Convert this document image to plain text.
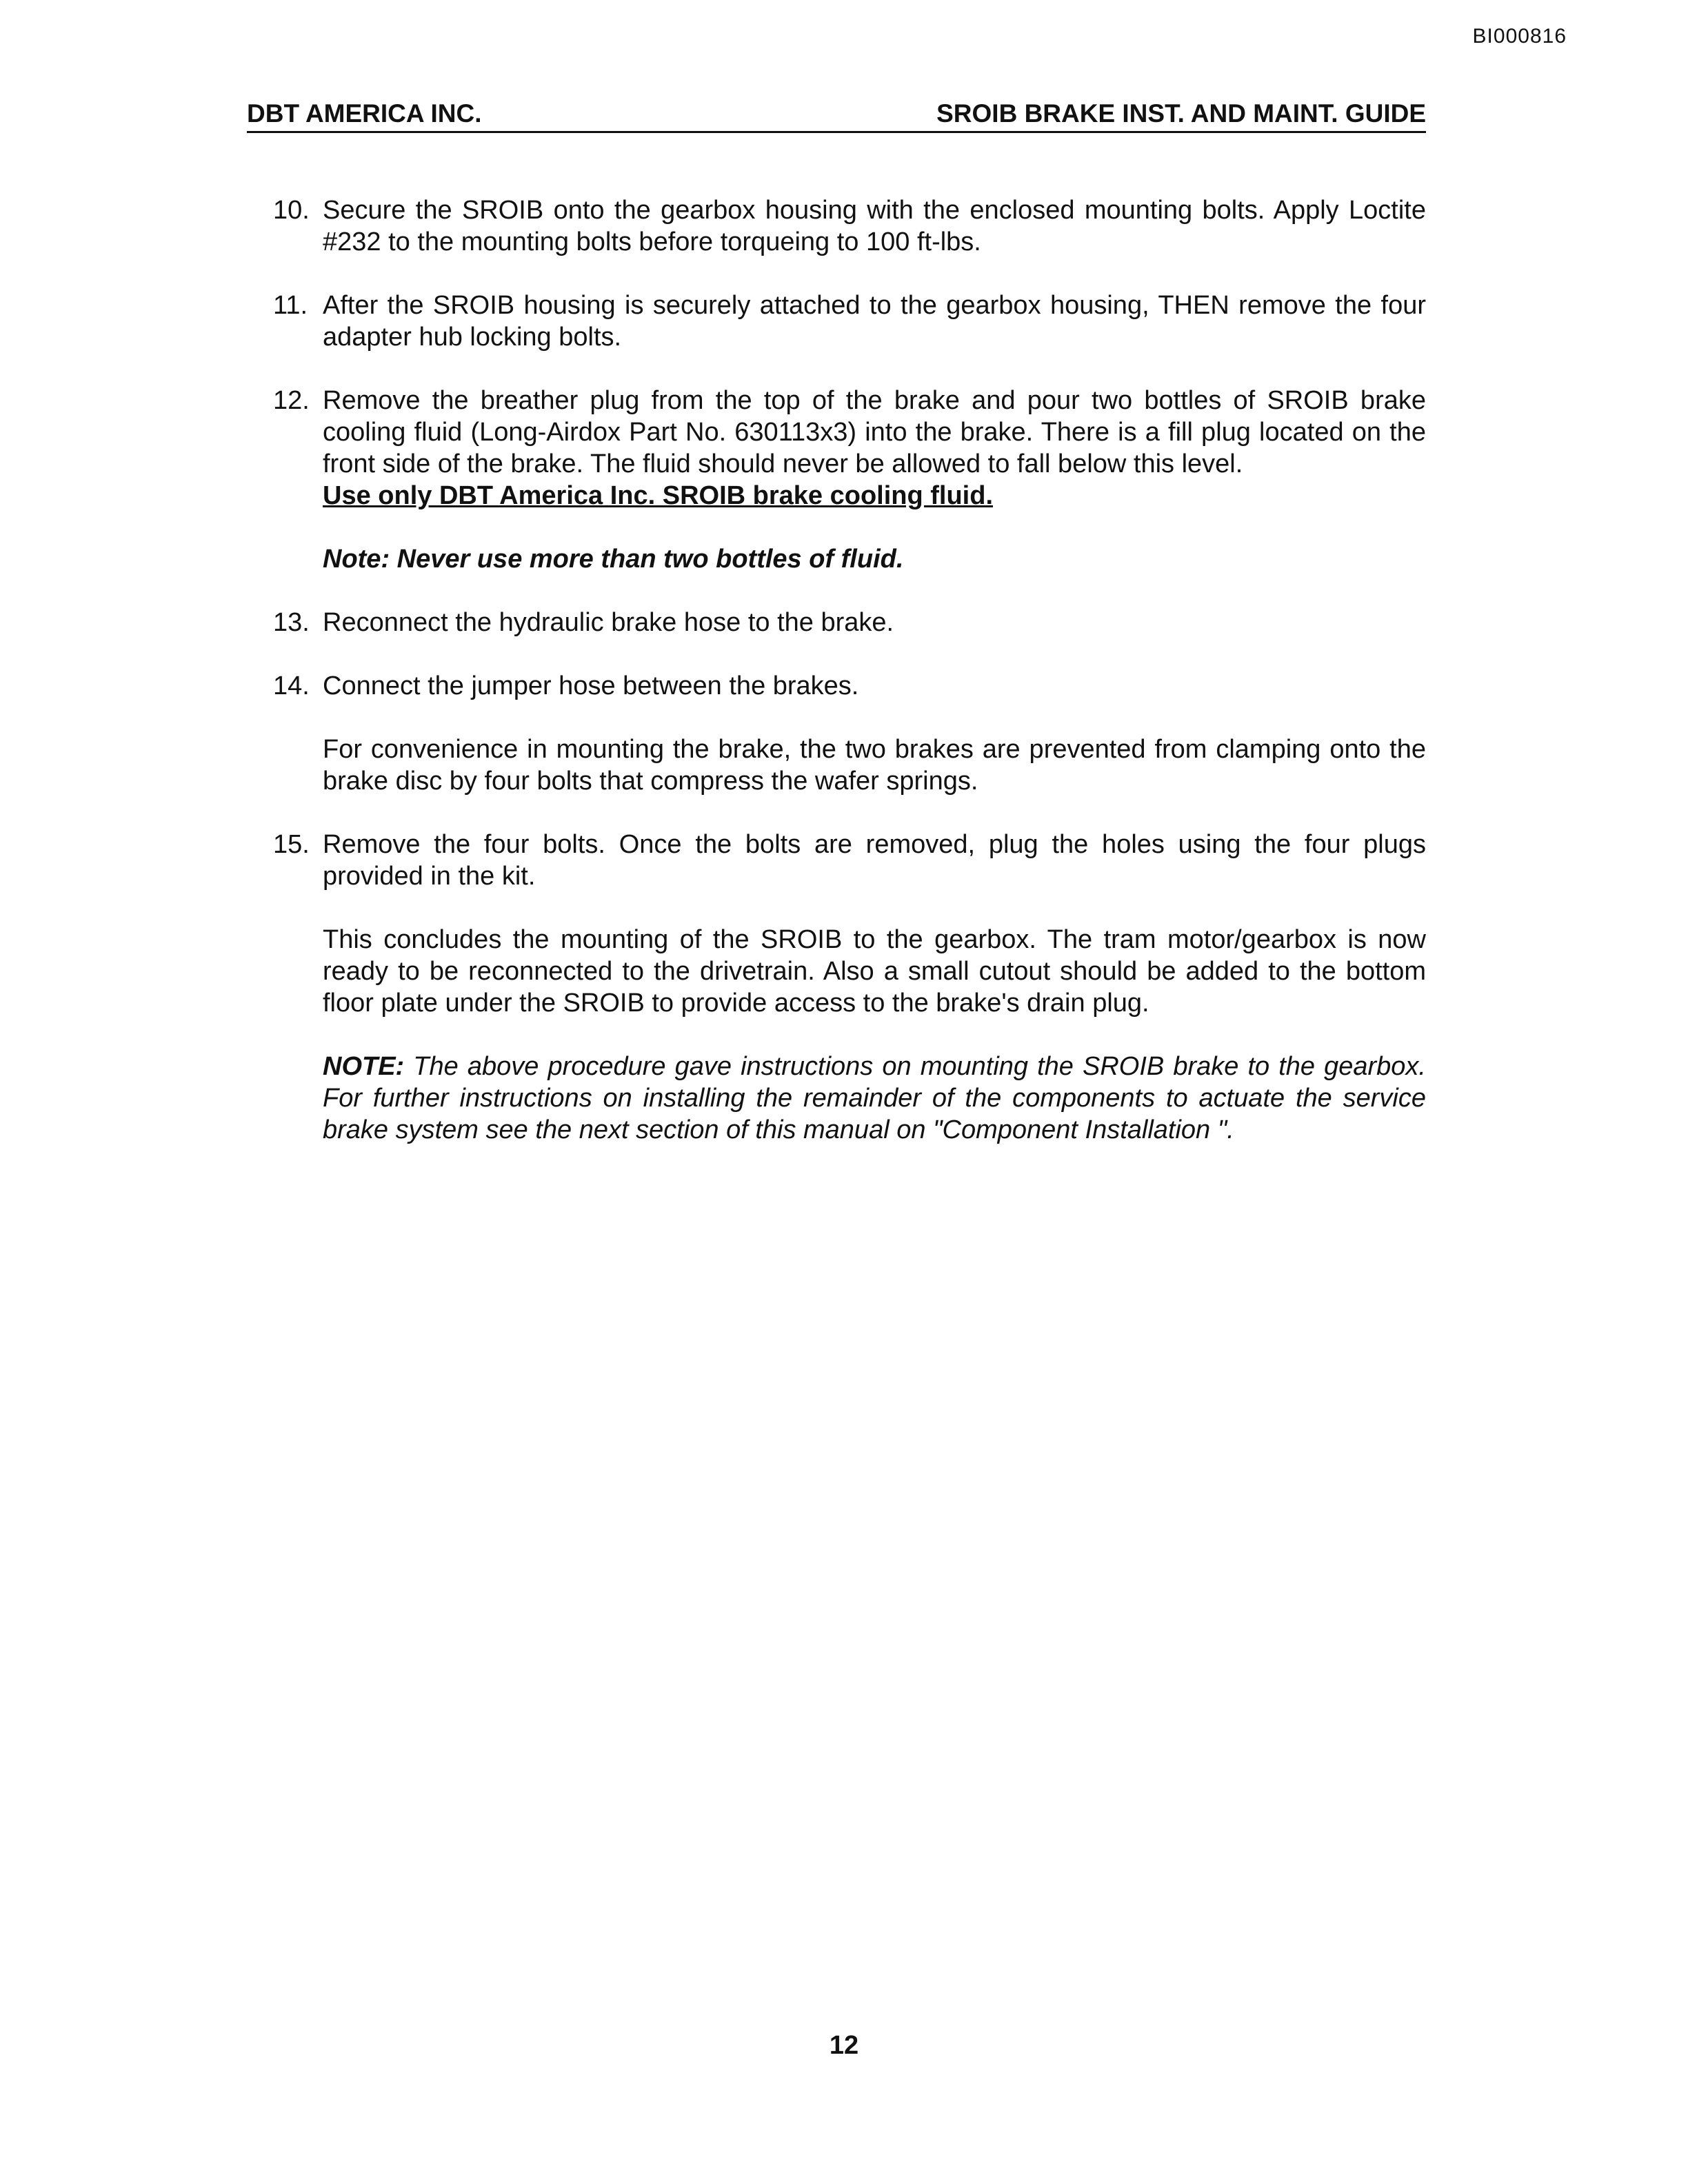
BI000816
DBT AMERICA INC.	SROIB BRAKE INST. AND MAINT. GUIDE
10. Secure the SROIB onto the gearbox housing with the enclosed mounting bolts. Apply Loctite #232 to the mounting bolts before torqueing to 100 ft-lbs.
11. After the SROIB housing is securely attached to the gearbox housing, THEN remove the four adapter hub locking bolts.
12. Remove the breather plug from the top of the brake and pour two bottles of SROIB brake cooling fluid (Long-Airdox Part No. 630113x3) into the brake. There is a fill plug located on the front side of the brake. The fluid should never be allowed to fall below this level.
Use only DBT America Inc. SROIB brake cooling fluid.
Note: Never use more than two bottles of fluid.
13. Reconnect the hydraulic brake hose to the brake.
14. Connect the jumper hose between the brakes.
For convenience in mounting the brake, the two brakes are prevented from clamping onto the brake disc by four bolts that compress the wafer springs.
15. Remove the four bolts. Once the bolts are removed, plug the holes using the four plugs provided in the kit.
This concludes the mounting of the SROIB to the gearbox. The tram motor/gearbox is now ready to be reconnected to the drivetrain. Also a small cutout should be added to the bottom floor plate under the SROIB to provide access to the brake's drain plug.
NOTE: The above procedure gave instructions on mounting the SROIB brake to the gearbox. For further instructions on installing the remainder of the components to actuate the service brake system see the next section of this manual on "Component Installation ".
12
